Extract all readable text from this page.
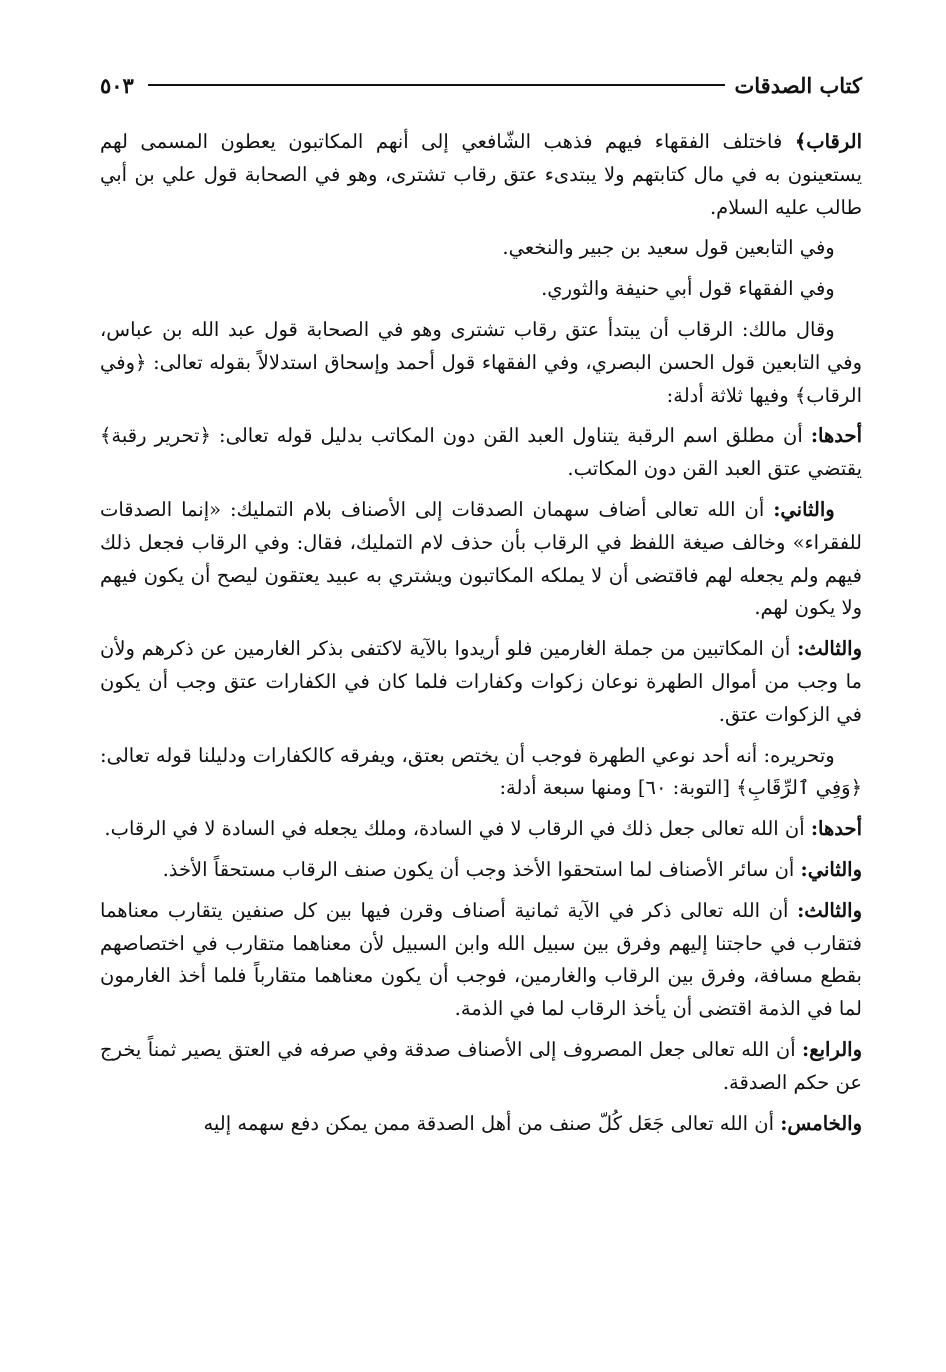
كتاب الصدقات
٥٠٣

الرقاب﴾ فاختلف الفقهاء فيهم فذهب الشّافعي إلى أنهم المكاتبون يعطون المسمى لهم يستعينون به في مال كتابتهم ولا يبتدىء عتق رقاب تشترى، وهو في الصحابة قول علي بن أبي طالب عليه السلام.

وفي التابعين قول سعيد بن جبير والنخعي.

وفي الفقهاء قول أبي حنيفة والثوري.

وقال مالك: الرقاب أن يبتدأ عتق رقاب تشترى وهو في الصحابة قول عبد الله بن عباس، وفي التابعين قول الحسن البصري، وفي الفقهاء قول أحمد وإسحاق استدلالاً بقوله تعالى: ﴿وفي الرقاب﴾ وفيها ثلاثة أدلة:

أحدها: أن مطلق اسم الرقبة يتناول العبد القن دون المكاتب بدليل قوله تعالى: ﴿تحرير رقبة﴾ يقتضي عتق العبد القن دون المكاتب.

والثاني: أن الله تعالى أضاف سهمان الصدقات إلى الأصناف بلام التمليك: «إنما الصدقات للفقراء» وخالف صيغة اللفظ في الرقاب بأن حذف لام التمليك، فقال: وفي الرقاب فجعل ذلك فيهم ولم يجعله لهم فاقتضى أن لا يملكه المكاتبون ويشتري به عبيد يعتقون ليصح أن يكون فيهم ولا يكون لهم.

والثالث: أن المكاتبين من جملة الغارمين فلو أريدوا بالآية لاكتفى بذكر الغارمين عن ذكرهم ولأن ما وجب من أموال الطهرة نوعان زكوات وكفارات فلما كان في الكفارات عتق وجب أن يكون في الزكوات عتق.

وتحريره: أنه أحد نوعي الطهرة فوجب أن يختص بعتق، ويفرقه كالكفارات ودليلنا قوله تعالى: ﴿وَفِي ٱلرِّقَابِ﴾ [التوبة: ٦٠] ومنها سبعة أدلة:

أحدها: أن الله تعالى جعل ذلك في الرقاب لا في السادة، وملك يجعله في السادة لا في الرقاب.

والثاني: أن سائر الأصناف لما استحقوا الأخذ وجب أن يكون صنف الرقاب مستحقاً الأخذ.

والثالث: أن الله تعالى ذكر في الآية ثمانية أصناف وقرن فيها بين كل صنفين يتقارب معناهما فتقارب في حاجتنا إليهم وفرق بين سبيل الله وابن السبيل لأن معناهما متقارب في اختصاصهم بقطع مسافة، وفرق بين الرقاب والغارمين، فوجب أن يكون معناهما متقارباً فلما أخذ الغارمون لما في الذمة اقتضى أن يأخذ الرقاب لما في الذمة.

والرابع: أن الله تعالى جعل المصروف إلى الأصناف صدقة وفي صرفه في العتق يصير ثمناً يخرج عن حكم الصدقة.

والخامس: أن الله تعالى جَعَل كُلّ صنف من أهل الصدقة ممن يمكن دفع سهمه إليه
